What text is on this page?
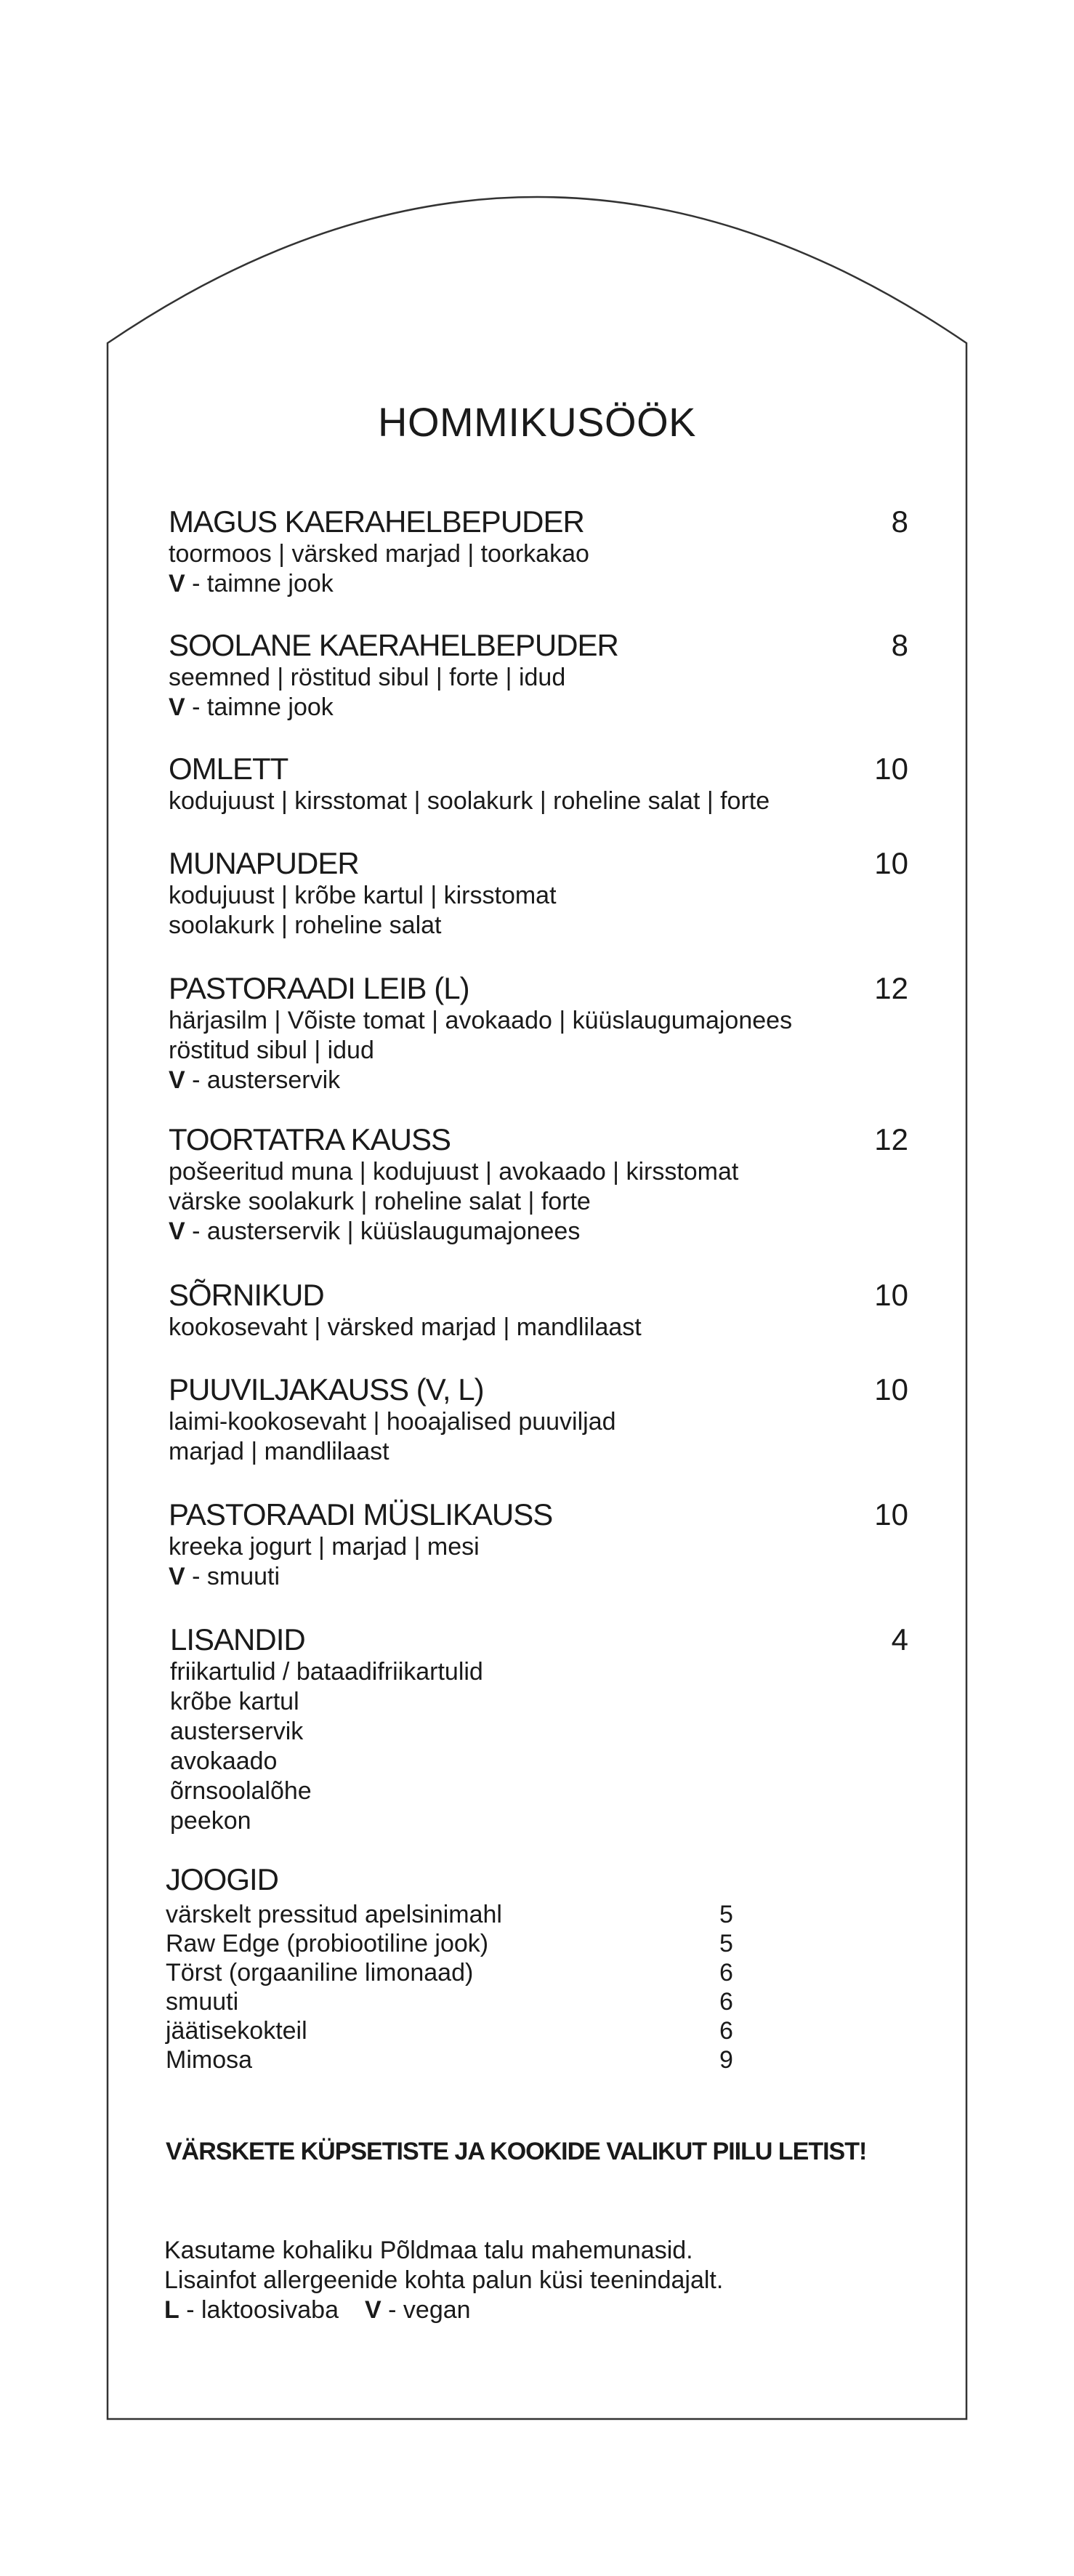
HOMMIKUSÖÖK
MAGUS KAERAHELBEPUDER	8
toormoos | värsked marjad | toorkakao
V - taimne jook
SOOLANE KAERAHELBEPUDER	8
seemned | röstitud sibul | forte | idud
V - taimne jook
OMLETT	10
kodujuust | kirsstomat | soolakurk | roheline salat | forte
MUNAPUDER	10
kodujuust | krõbe kartul | kirsstomat
soolakurk | roheline salat
PASTORAADI LEIB (L)	12
härjasilm | Võiste tomat | avokaado | küüslaugumajonees
röstitud sibul | idud
V - austerservik
TOORTATRA KAUSS	12
pošeeritud muna | kodujuust | avokaado | kirsstomat
värske soolakurk | roheline salat | forte
V - austerservik | küüslaugumajonees
SÕRNIKUD	10
kookosevaht | värsked marjad | mandlilaast
PUUVILJAKAUSS (V, L)	10
laimi-kookosevaht | hooajalised puuviljad
marjad | mandlilaast
PASTORAADI MÜSLIKAUSS	10
kreeka jogurt | marjad | mesi
V - smuuti
LISANDID	4
friikartulid / bataadifriikartulid
krõbe kartul
austerservik
avokaado
õrnsoolalõhe
peekon
JOOGID
värskelt pressitud apelsinimahl	5
Raw Edge (probiootiline jook)	5
Törst (orgaaniline limonaad)	6
smuuti	6
jäätisekokteil	6
Mimosa	9
VÄRSKETE KÜPSETISTE JA KOOKIDE VALIKUT PIILU LETIST!
Kasutame kohaliku Põldmaa talu mahemunasid.
Lisainfot allergeenide kohta palun küsi teenindajalt.
L - laktoosivaba V - vegan
